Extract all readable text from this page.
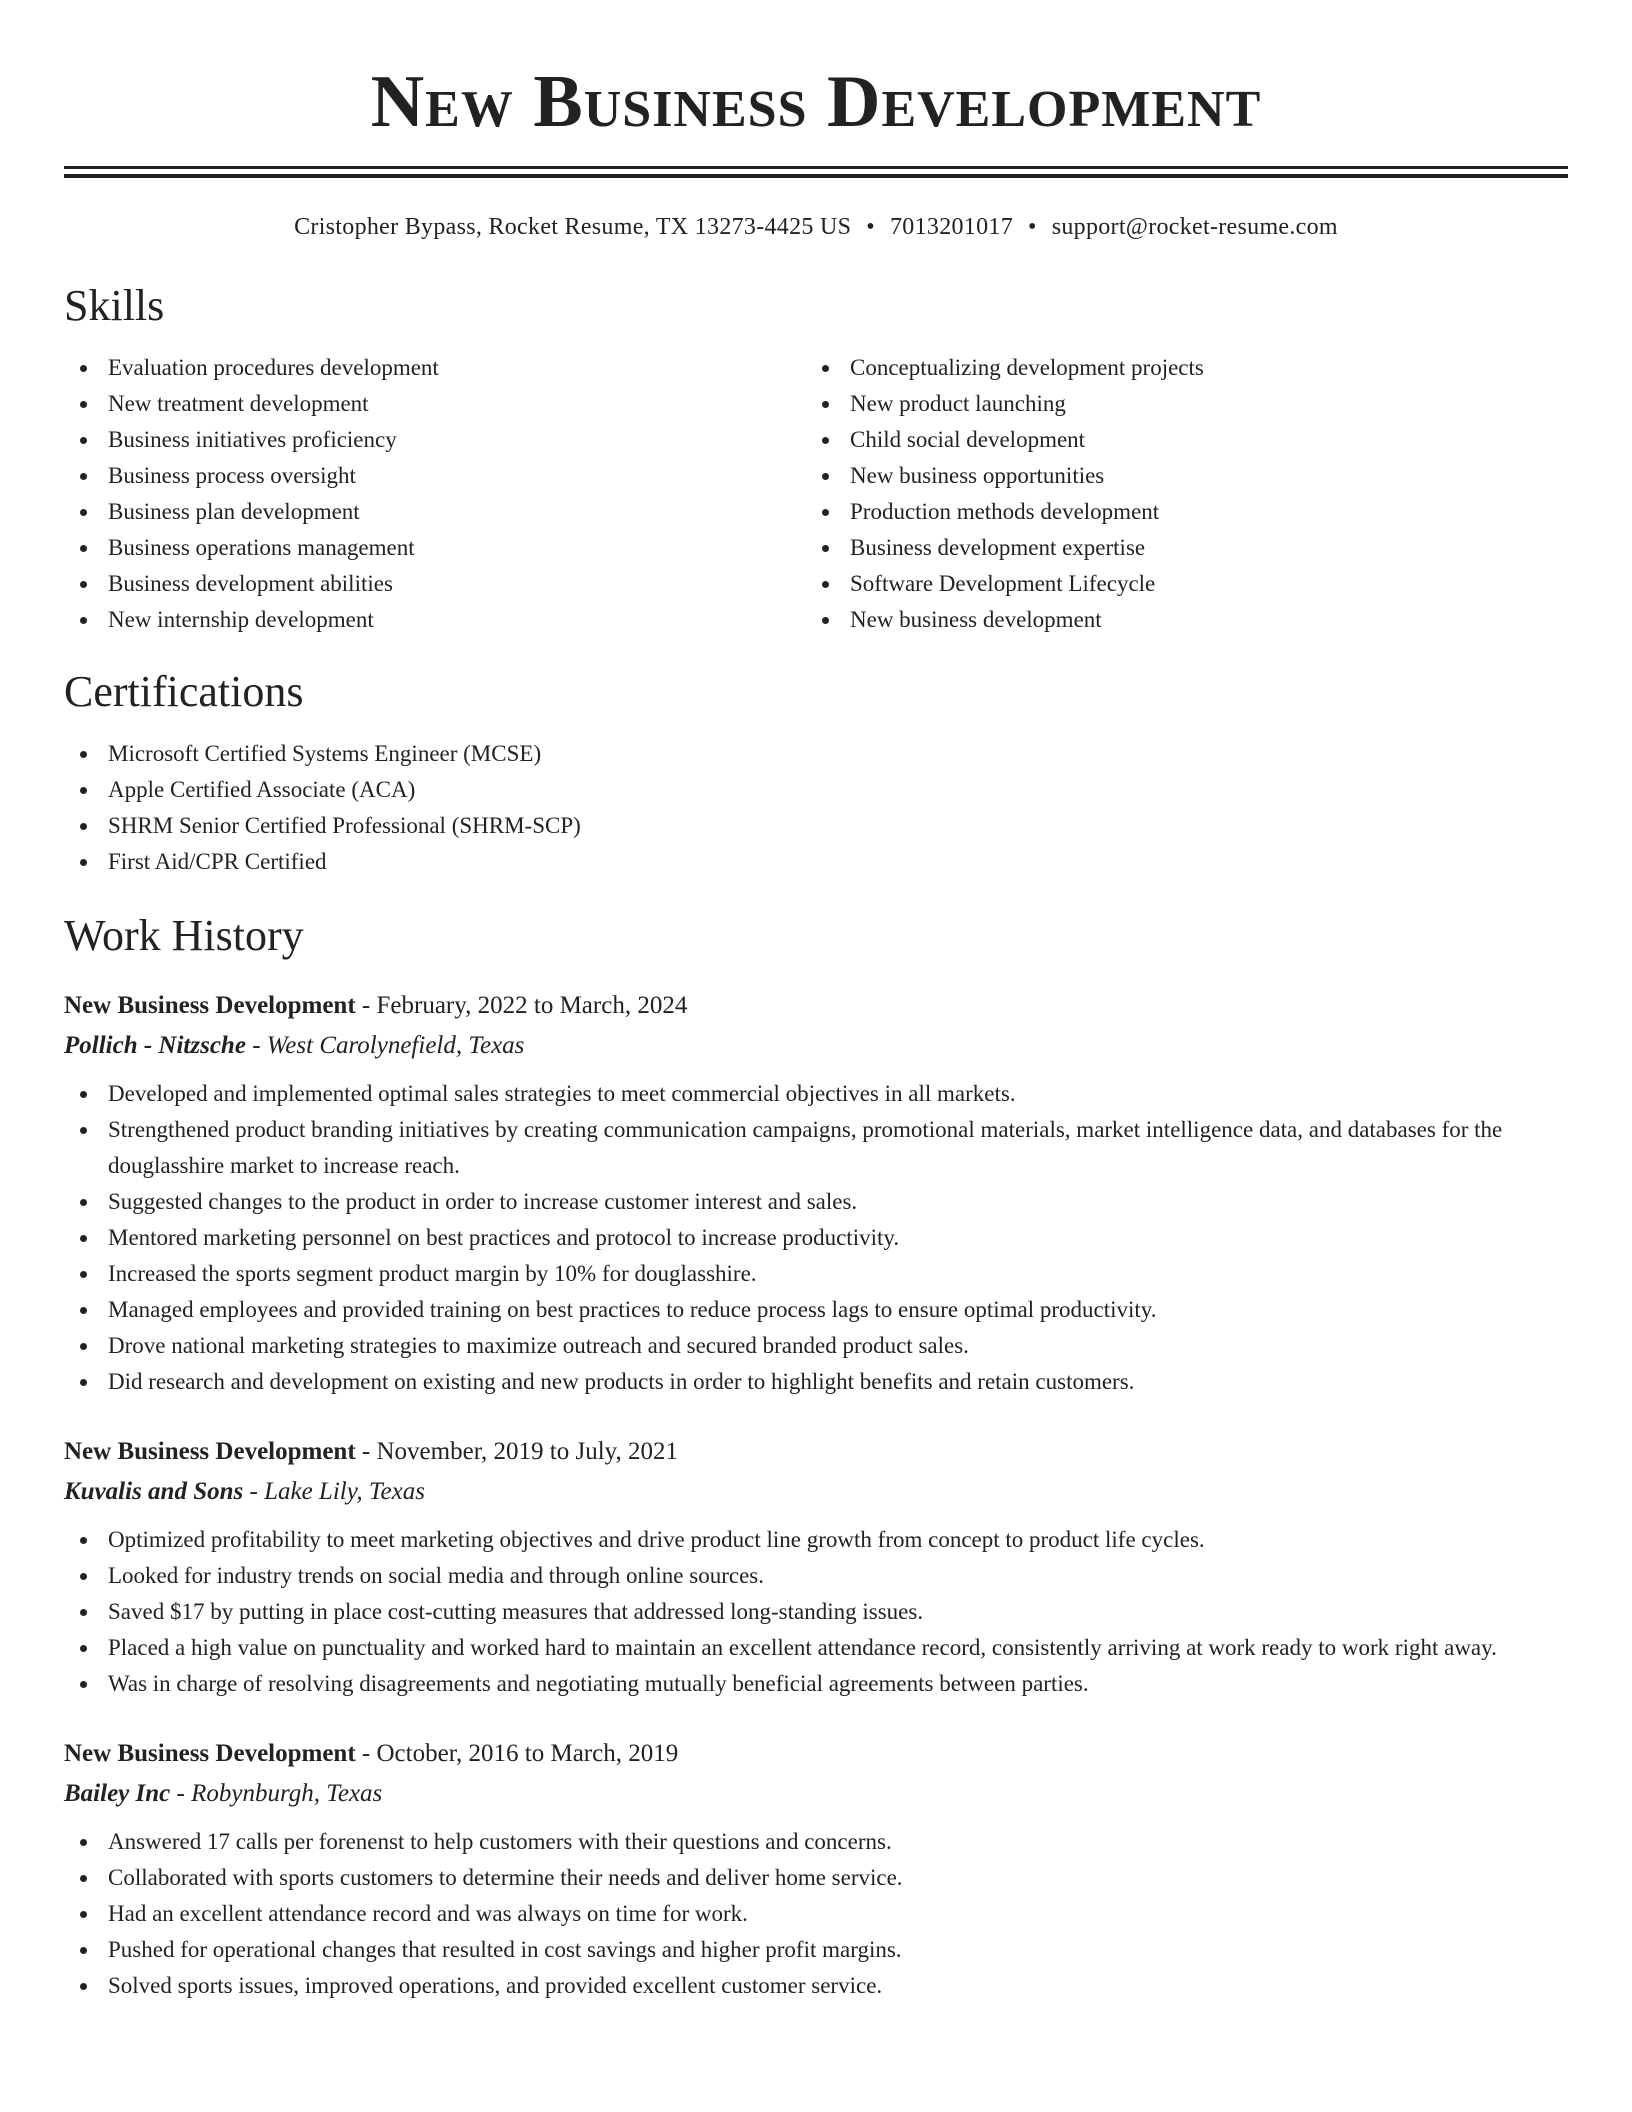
New Business Development
Cristopher Bypass, Rocket Resume, TX 13273-4425 US • 7013201017 • support@rocket-resume.com
Skills
Evaluation procedures development
New treatment development
Business initiatives proficiency
Business process oversight
Business plan development
Business operations management
Business development abilities
New internship development
Conceptualizing development projects
New product launching
Child social development
New business opportunities
Production methods development
Business development expertise
Software Development Lifecycle
New business development
Certifications
Microsoft Certified Systems Engineer (MCSE)
Apple Certified Associate (ACA)
SHRM Senior Certified Professional (SHRM-SCP)
First Aid/CPR Certified
Work History
New Business Development - February, 2022 to March, 2024
Pollich - Nitzsche - West Carolynefield, Texas
Developed and implemented optimal sales strategies to meet commercial objectives in all markets.
Strengthened product branding initiatives by creating communication campaigns, promotional materials, market intelligence data, and databases for the douglasshire market to increase reach.
Suggested changes to the product in order to increase customer interest and sales.
Mentored marketing personnel on best practices and protocol to increase productivity.
Increased the sports segment product margin by 10% for douglasshire.
Managed employees and provided training on best practices to reduce process lags to ensure optimal productivity.
Drove national marketing strategies to maximize outreach and secured branded product sales.
Did research and development on existing and new products in order to highlight benefits and retain customers.
New Business Development - November, 2019 to July, 2021
Kuvalis and Sons - Lake Lily, Texas
Optimized profitability to meet marketing objectives and drive product line growth from concept to product life cycles.
Looked for industry trends on social media and through online sources.
Saved $17 by putting in place cost-cutting measures that addressed long-standing issues.
Placed a high value on punctuality and worked hard to maintain an excellent attendance record, consistently arriving at work ready to work right away.
Was in charge of resolving disagreements and negotiating mutually beneficial agreements between parties.
New Business Development - October, 2016 to March, 2019
Bailey Inc - Robynburgh, Texas
Answered 17 calls per forenenst to help customers with their questions and concerns.
Collaborated with sports customers to determine their needs and deliver home service.
Had an excellent attendance record and was always on time for work.
Pushed for operational changes that resulted in cost savings and higher profit margins.
Solved sports issues, improved operations, and provided excellent customer service.
